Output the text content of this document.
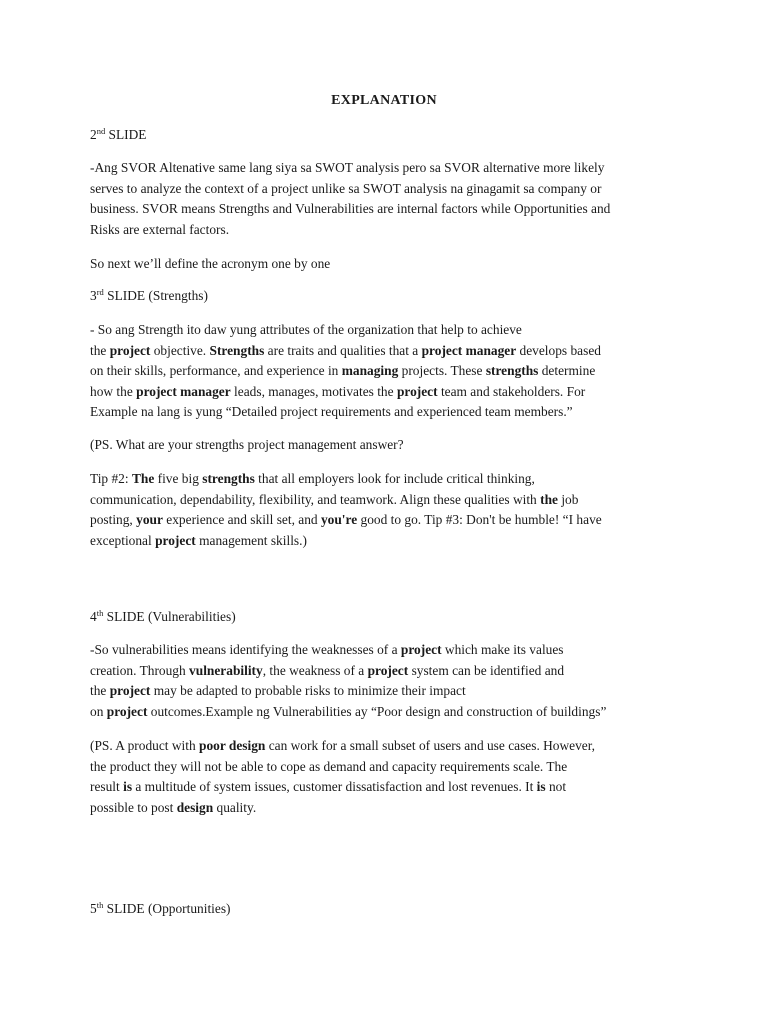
EXPLANATION
2nd SLIDE
-Ang SVOR Altenative same lang siya sa SWOT analysis pero sa SVOR alternative more likely
serves to analyze the context of a project unlike sa SWOT analysis na ginagamit sa company or
business. SVOR means Strengths and Vulnerabilities are internal factors while Opportunities and
Risks are external factors.
So next we’ll define the acronym one by one
3rd SLIDE (Strengths)
- So ang Strength ito daw yung attributes of the organization that help to achieve
the project objective. Strengths are traits and qualities that a project manager develops based
on their skills, performance, and experience in managing projects. These strengths determine
how the project manager leads, manages, motivates the project team and stakeholders. For
Example na lang is yung “Detailed project requirements and experienced team members.”
(PS. What are your strengths project management answer?
Tip #2: The five big strengths that all employers look for include critical thinking,
communication, dependability, flexibility, and teamwork. Align these qualities with the job
posting, your experience and skill set, and you're good to go. Tip #3: Don't be humble! “I have
exceptional project management skills.)
4th SLIDE (Vulnerabilities)
-So vulnerabilities means identifying the weaknesses of a project which make its values
creation. Through vulnerability, the weakness of a project system can be identified and
the project may be adapted to probable risks to minimize their impact
on project outcomes.Example ng Vulnerabilities ay “Poor design and construction of buildings”
(PS. A product with poor design can work for a small subset of users and use cases. However,
the product they will not be able to cope as demand and capacity requirements scale. The
result is a multitude of system issues, customer dissatisfaction and lost revenues. It is not
possible to post design quality.
5th SLIDE (Opportunities)
